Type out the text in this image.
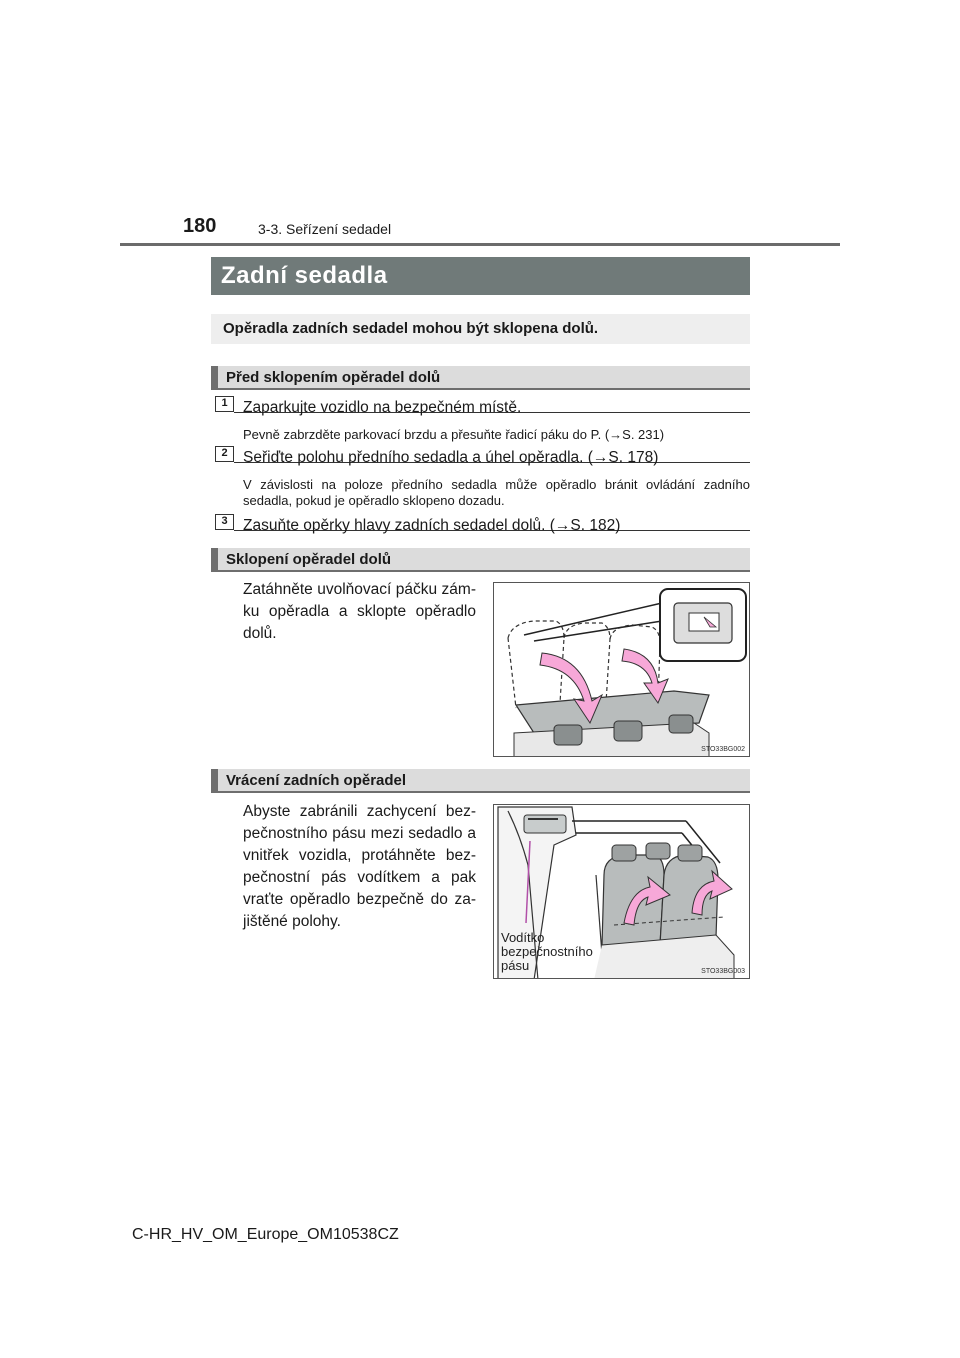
180	3-3. Seřízení sedadel
Zadní sedadla
Opěradla zadních sedadel mohou být sklopena dolů.
Před sklopením opěradel dolů
1 Zaparkujte vozidlo na bezpečném místě.
Pevně zabrzděte parkovací brzdu a přesuňte řadicí páku do P. (→S. 231)
2 Seřiďte polohu předního sedadla a úhel opěradla. (→S. 178)
V závislosti na poloze předního sedadla může opěradlo bránit ovládání zadního sedadla, pokud je opěradlo sklopeno dozadu.
3 Zasuňte opěrky hlavy zadních sedadel dolů. (→S. 182)
Sklopení opěradel dolů
Zatáhněte uvolňovací páčku zám-ku opěradla a sklopte opěradlo dolů.
STO33BG002
Vrácení zadních opěradel
Abyste zabránili zachycení bez-pečnostního pásu mezi sedadlo a vnitřek vozidla, protáhněte bez-pečnostní pás vodítkem a pak vraťte opěradlo bezpečně do za-jištěné polohy.
Vodítko
bezpečnostního
pásu	STO33BG003
C-HR_HV_OM_Europe_OM10538CZ
